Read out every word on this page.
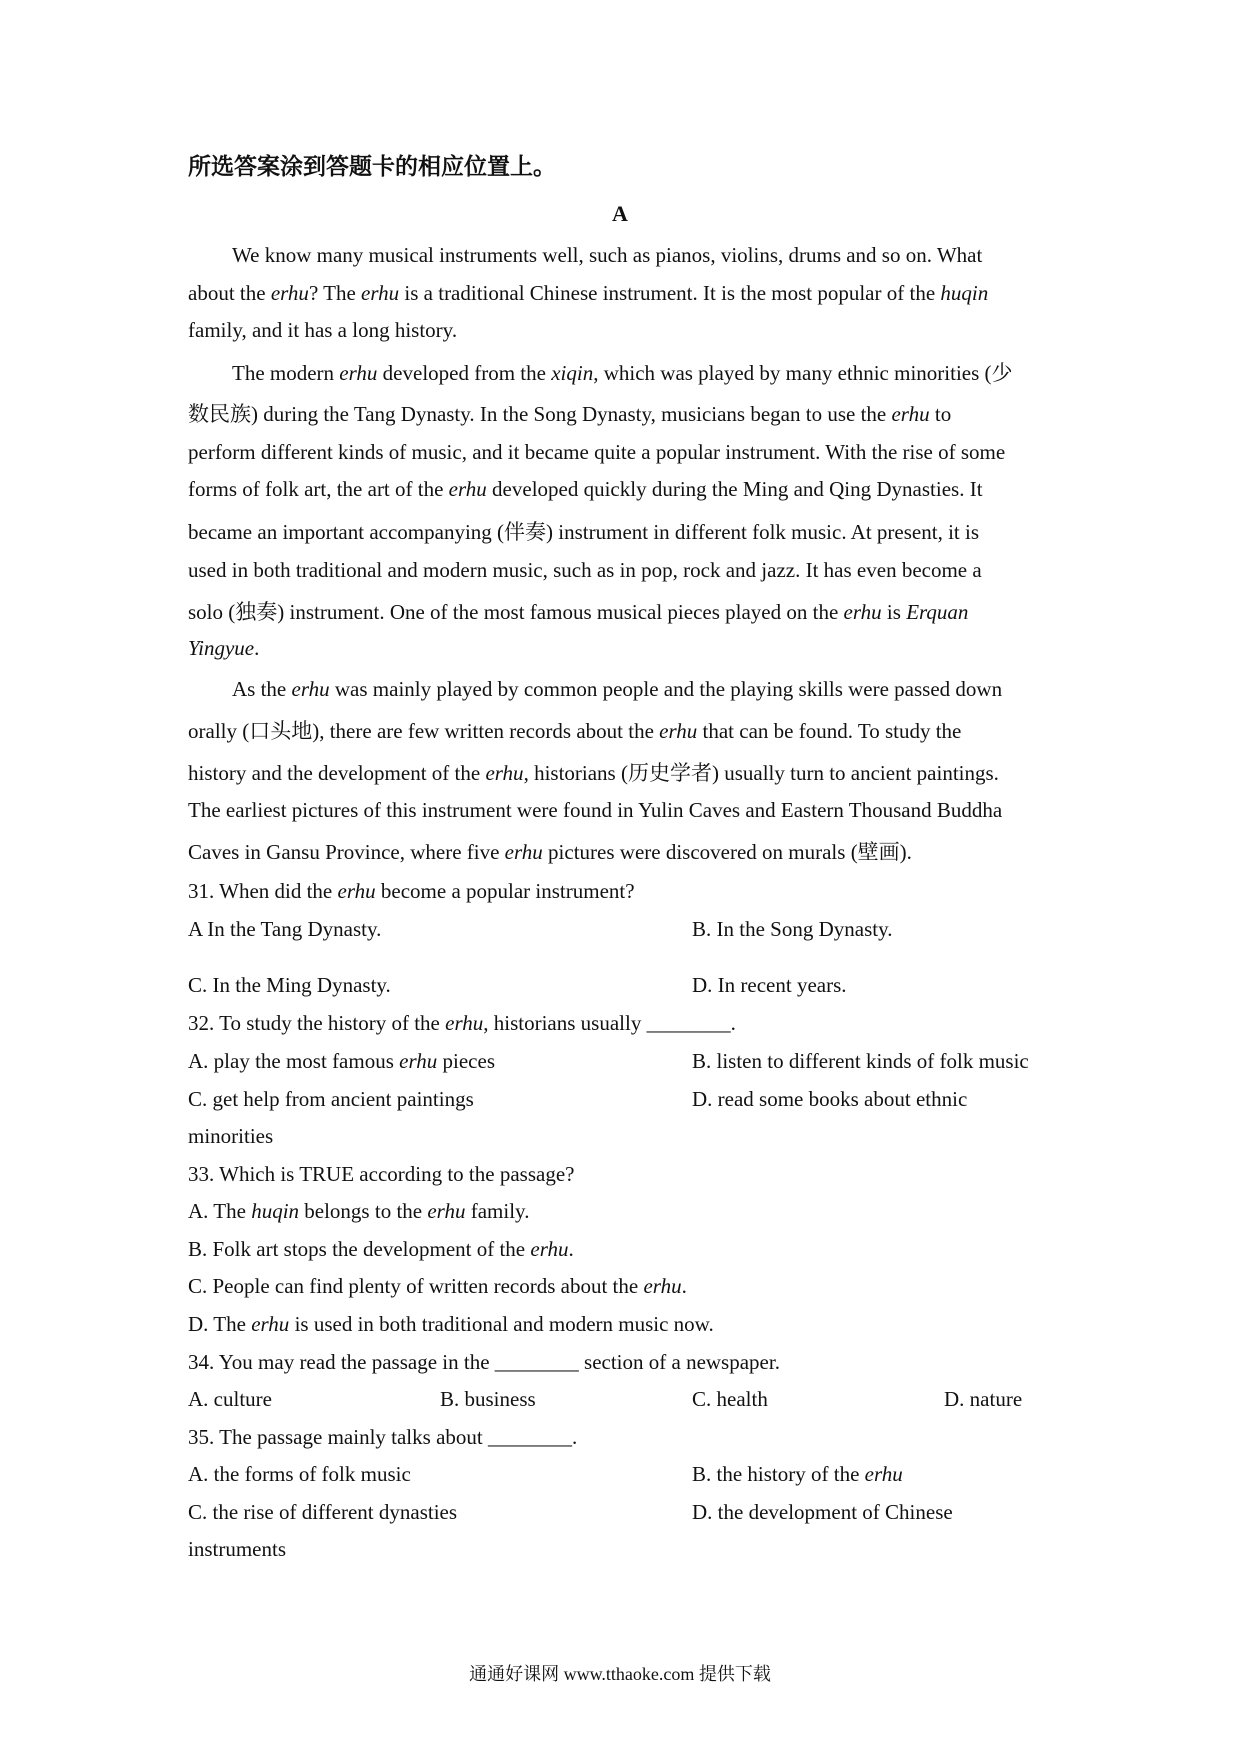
所选答案涂到答题卡的相应位置上。
A
We know many musical instruments well, such as pianos, violins, drums and so on. What
about the erhu? The erhu is a traditional Chinese instrument. It is the most popular of the huqin
family, and it has a long history.
The modern erhu developed from the xiqin, which was played by many ethnic minorities (少
数民族) during the Tang Dynasty. In the Song Dynasty, musicians began to use the erhu to
perform different kinds of music, and it became quite a popular instrument. With the rise of some
forms of folk art, the art of the erhu developed quickly during the Ming and Qing Dynasties. It
became an important accompanying (伴奏) instrument in different folk music. At present, it is
used in both traditional and modern music, such as in pop, rock and jazz. It has even become a
solo (独奏) instrument. One of the most famous musical pieces played on the erhu is Erquan
Yingyue.
As the erhu was mainly played by common people and the playing skills were passed down
orally (口头地), there are few written records about the erhu that can be found. To study the
history and the development of the erhu, historians (历史学者) usually turn to ancient paintings.
The earliest pictures of this instrument were found in Yulin Caves and Eastern Thousand Buddha
Caves in Gansu Province, where five erhu pictures were discovered on murals (壁画).
31. When did the erhu become a popular instrument?
A In the Tang Dynasty.	B. In the Song Dynasty.
C. In the Ming Dynasty.	D. In recent years.
32. To study the history of the erhu, historians usually ________.
A. play the most famous erhu pieces	B. listen to different kinds of folk music
C. get help from ancient paintings	D. read some books about ethnic
minorities
33. Which is TRUE according to the passage?
A. The huqin belongs to the erhu family.
B. Folk art stops the development of the erhu.
C. People can find plenty of written records about the erhu.
D. The erhu is used in both traditional and modern music now.
34. You may read the passage in the ________ section of a newspaper.
A. culture	B. business	C. health	D. nature
35. The passage mainly talks about ________.
A. the forms of folk music	B. the history of the erhu
C. the rise of different dynasties	D. the development of Chinese
instruments
通通好课网 www.tthaoke.com 提供下载
